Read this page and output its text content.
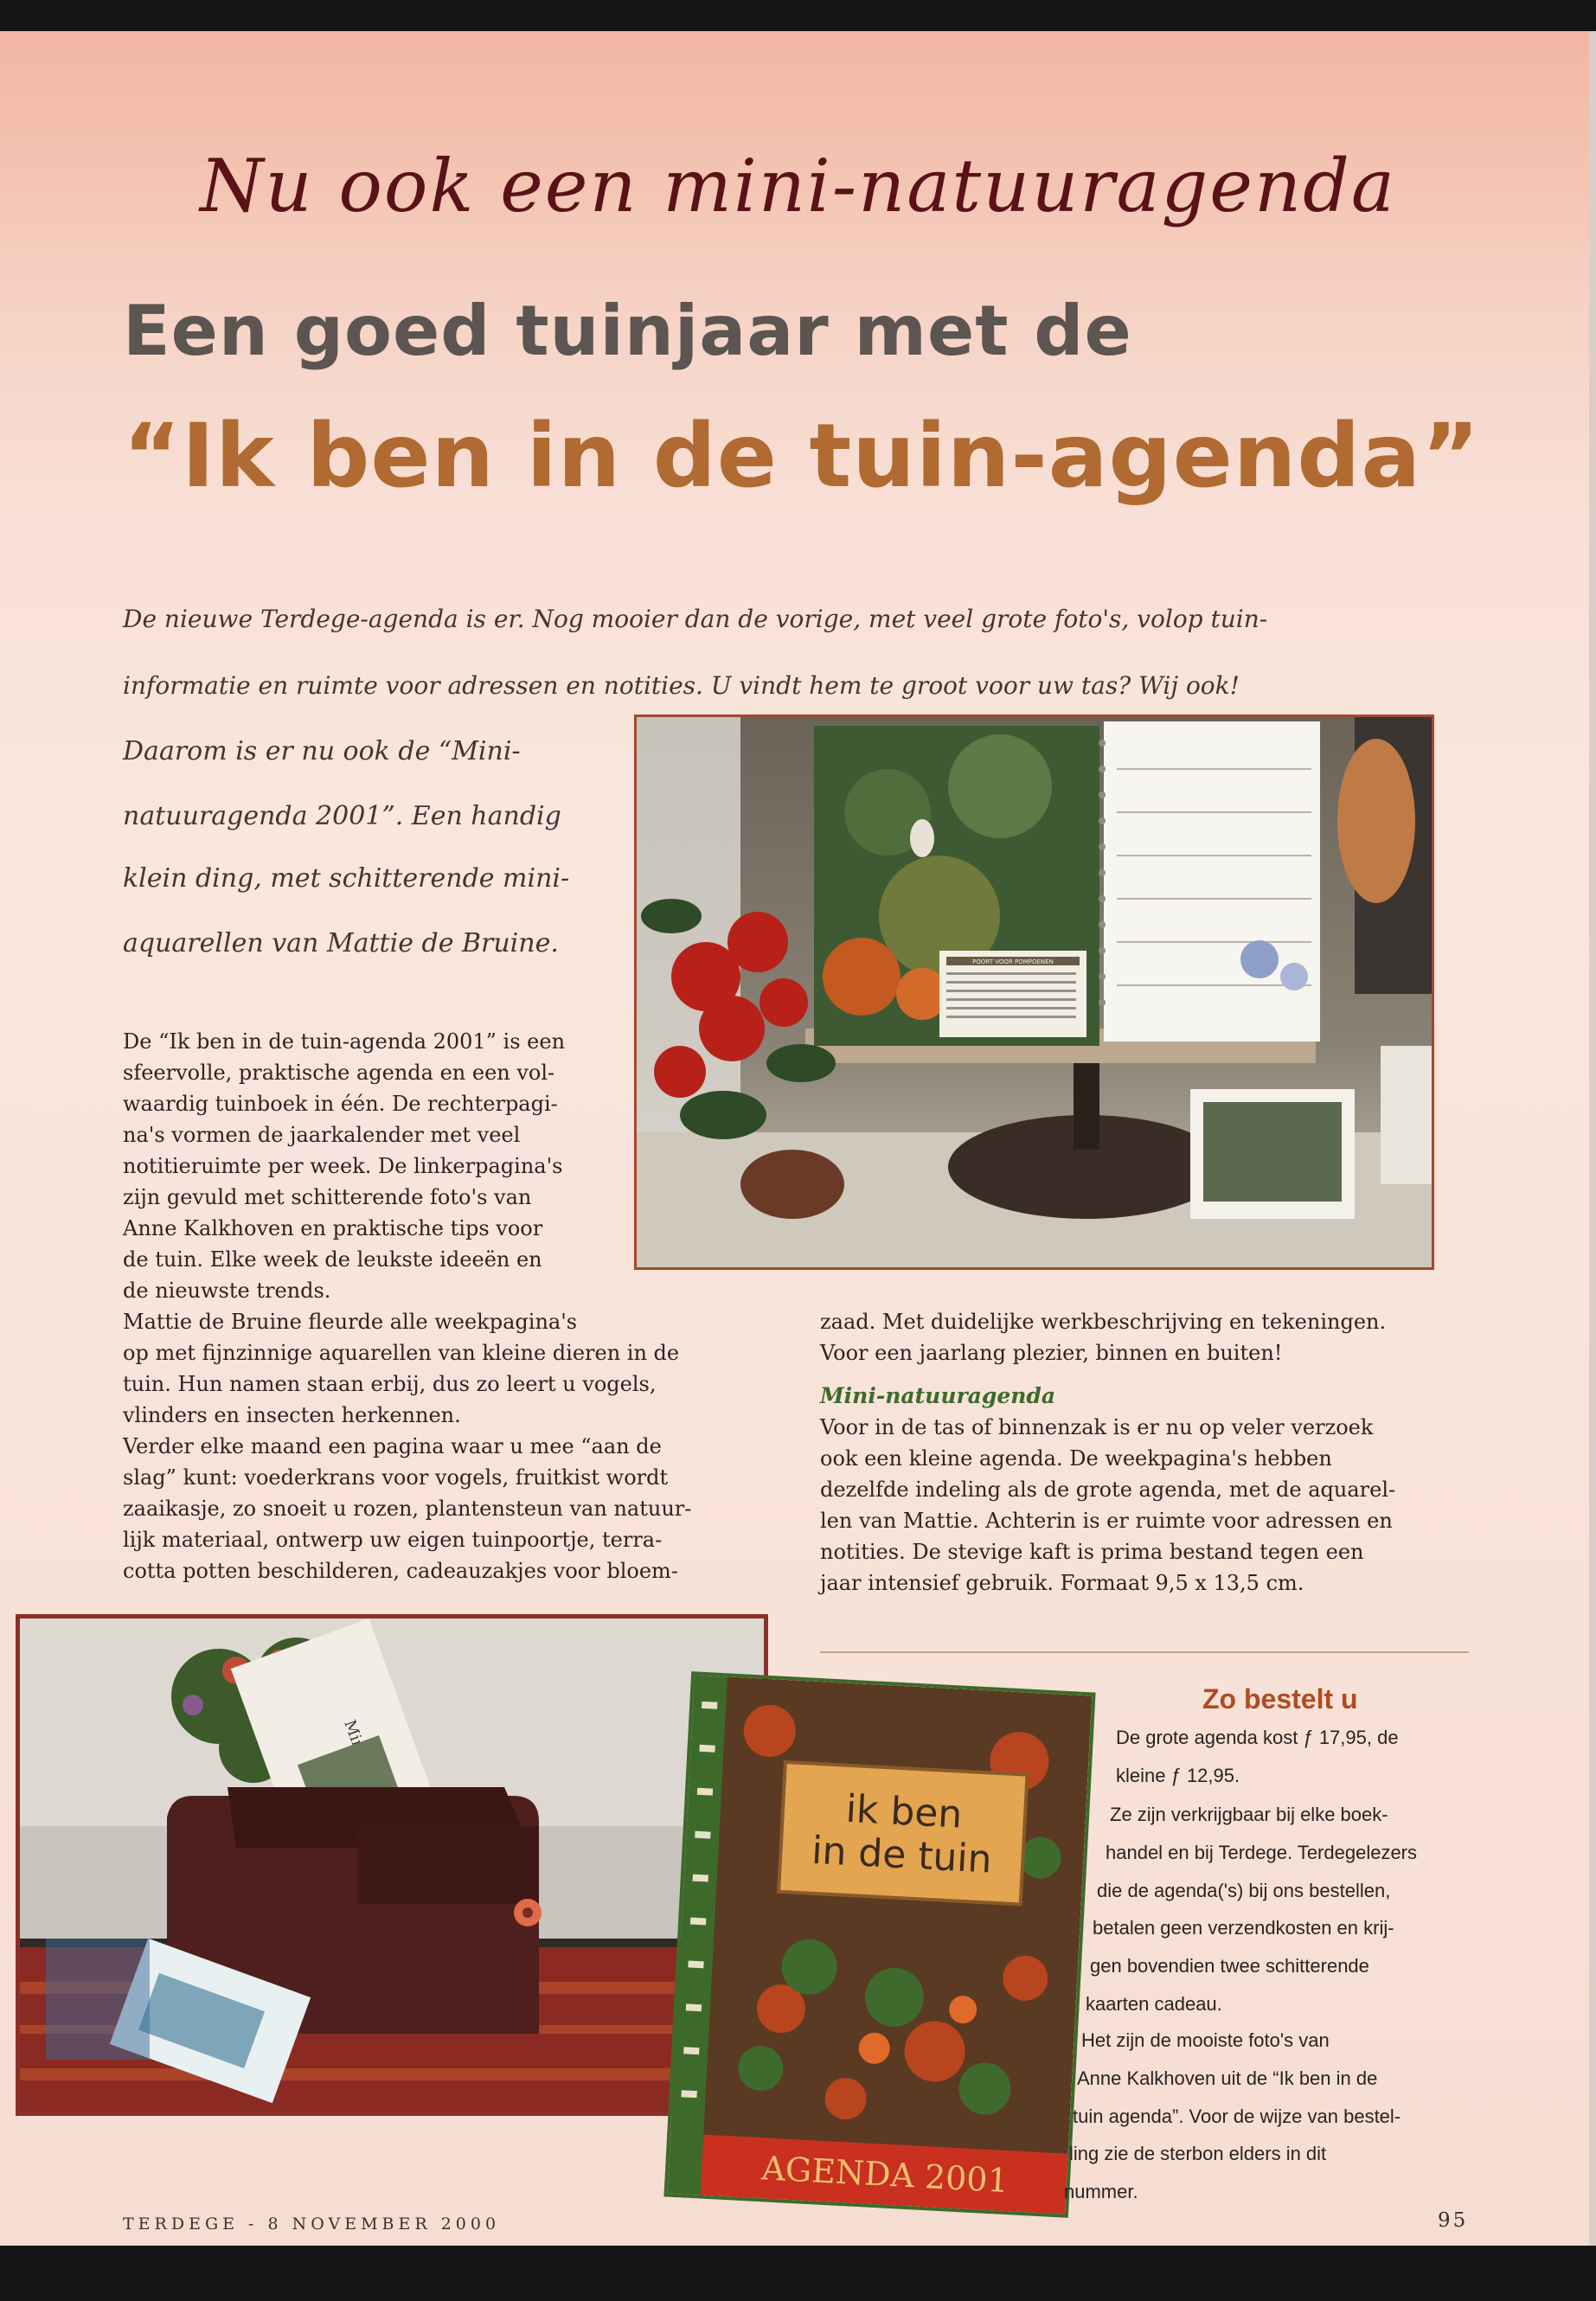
Nu ook een mini-natuuragenda
Een goed tuinjaar met de
“Ik ben in de tuin-agenda”
De nieuwe Terdege-agenda is er. Nog mooier dan de vorige, met veel grote foto's, volop tuin-
informatie en ruimte voor adressen en notities. U vindt hem te groot voor uw tas? Wij ook!
Daarom is er nu ook de “Mini-
natuuragenda 2001”. Een handig
klein ding, met schitterende mini-
aquarellen van Mattie de Bruine.
POORT VOOR POMPOENEN

De “Ik ben in de tuin-agenda 2001” is een

sfeervolle, praktische agenda en een vol-

waardig tuinboek in één. De rechterpagi-

na's vormen de jaarkalender met veel

notitieruimte per week. De linkerpagina's

zijn gevuld met schitterende foto's van

Anne Kalkhoven en praktische tips voor

de tuin. Elke week de leukste ideeën en

de nieuwste trends.

Mattie de Bruine fleurde alle weekpagina's

op met fijnzinnige aquarellen van kleine dieren in de

tuin. Hun namen staan erbij, dus zo leert u vogels,

vlinders en insecten herkennen.

Verder elke maand een pagina waar u mee “aan de

slag” kunt: voederkrans voor vogels, fruitkist wordt

zaaikasje, zo snoeit u rozen, plantensteun van natuur-

lijk materiaal, ontwerp uw eigen tuinpoortje, terra-

cotta potten beschilderen, cadeauzakjes voor bloem-

zaad. Met duidelijke werkbeschrijving en tekeningen.

Voor een jaarlang plezier, binnen en buiten!

Mini-natuuragenda

Voor in de tas of binnenzak is er nu op veler verzoek

ook een kleine agenda. De weekpagina's hebben

dezelfde indeling als de grote agenda, met de aquarel-

len van Mattie. Achterin is er ruimte voor adressen en

notities. De stevige kaft is prima bestand tegen een

jaar intensief gebruik. Formaat 9,5 x 13,5 cm.

ik ben
in de tuin
AGENDA 2001
Zo bestelt u
De grote agenda kost ƒ 17,95, de
kleine ƒ 12,95.
Ze zijn verkrijgbaar bij elke boek-
handel en bij Terdege. Terdegelezers
die de agenda('s) bij ons bestellen,
betalen geen verzendkosten en krij-
gen bovendien twee schitterende
kaarten cadeau.
Het zijn de mooiste foto's van
Anne Kalkhoven uit de “Ik ben in de
tuin agenda”. Voor de wijze van bestel-
ling zie de sterbon elders in dit
nummer.
TERDEGE - 8 NOVEMBER 2000	95
